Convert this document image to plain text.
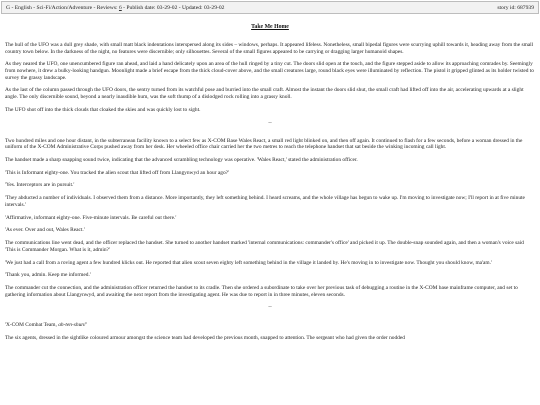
G - English - Sci-Fi/Action/Adventure - Reviews: 6 - Publish date: 03-29-02 - Updated: 03-29-02	story id: 687939
Take Me Home

The hull of the UFO was a dull grey shade, with small matt black indentations interspersed along its sides – windows, perhaps. It appeared lifeless. Nonetheless, small bipedal figures were scurrying uphill towards it, heading away from the small country town below. In the darkness of the night, no features were discernible; only silhouettes. Several of the small figures appeared to be carrying or dragging larger humanoid shapes.

As they neared the UFO, one unencumbered figure ran ahead, and laid a hand delicately upon an area of the hull ringed by a tiny cut. The doors slid open at the touch, and the figure stepped aside to allow its approaching comrades by. Seemingly from nowhere, it drew a bulky-looking handgun. Moonlight made a brief escape from the thick cloud-cover above, and the small creatures large, round black eyes were illuminated by reflection. The pistol it gripped glinted as its holder twisted to survey the grassy landscape.

As the last of the column passed through the UFO doors, the sentry turned from its watchful pose and burried into the small craft. Almost the instant the doors slid shut, the small craft had lifted off into the air, accelerating upwards at a slight angle. The only discernible sound, beyond a nearly inaudible hum, was the soft thump of a dislodged rock rolling into a grassy knoll.

The UFO shot off into the thick clouds that cloaked the skies and was quickly lost to sight.

--

Two hundred miles and one hour distant, in the subterranean facility known to a select few as X-COM Base Wales React, a small red light blinked on, and then off again. It continued to flash for a few seconds, before a woman dressed in the uniform of the X-COM Administrative Corps pushed away from her desk. Her wheeled office chair carried her the two metres to reach the telephone handset that sat beside the winking incoming call light.

The handset made a sharp snapping sound twice, indicating that the advanced scrambling technology was operative. 'Wales React,' stated the administration officer.

'This is Informant eighty-one. You tracked the alien scout that lifted off from Llangynwyd an hour ago?'

'Yes. Interceptors are in pursuit.'

'They abducted a number of individuals. I observed them from a distance. More importantly, they left something behind. I heard screams, and the whole village has begun to wake up. I'm moving to investigate now; I'll report in at five minute intervals.'

'Affirmative, informant eighty-one. Five-minute intervals. Be careful out there.'

'As ever. Over and out, Wales React.'

The communications line went dead, and the officer replaced the handset. She turned to another handset marked 'internal communications: commander's office' and picked it up. The double-snap sounded again, and then a woman's voice said 'This is Commander Morgan. What is it, admin?'

'We just had a call from a roving agent a few hundred klicks out. He reported that alien scout seven eighty left something behind in the village it landed by. He's moving in to investigate now. Thought you should know, ma'am.'

'Thank you, admin. Keep me informed.'

The commander cut the connection, and the administration officer returned the handset to its cradle. Then she ordered a subordinate to take over her previous task of debugging a routine in the X-COM base mainframe computer, and set to gathering information about Llangynwyd, and awaiting the next report from the investigating agent. He was due to report in in three minutes, eleven seconds.

--

'X-COM Combat Team, ah-ten-shun!'

The six agents, dressed in the sightlike coloured armour amongst the science team had developed the previous month, snapped to attention. The sergeant who had given the order nodded
